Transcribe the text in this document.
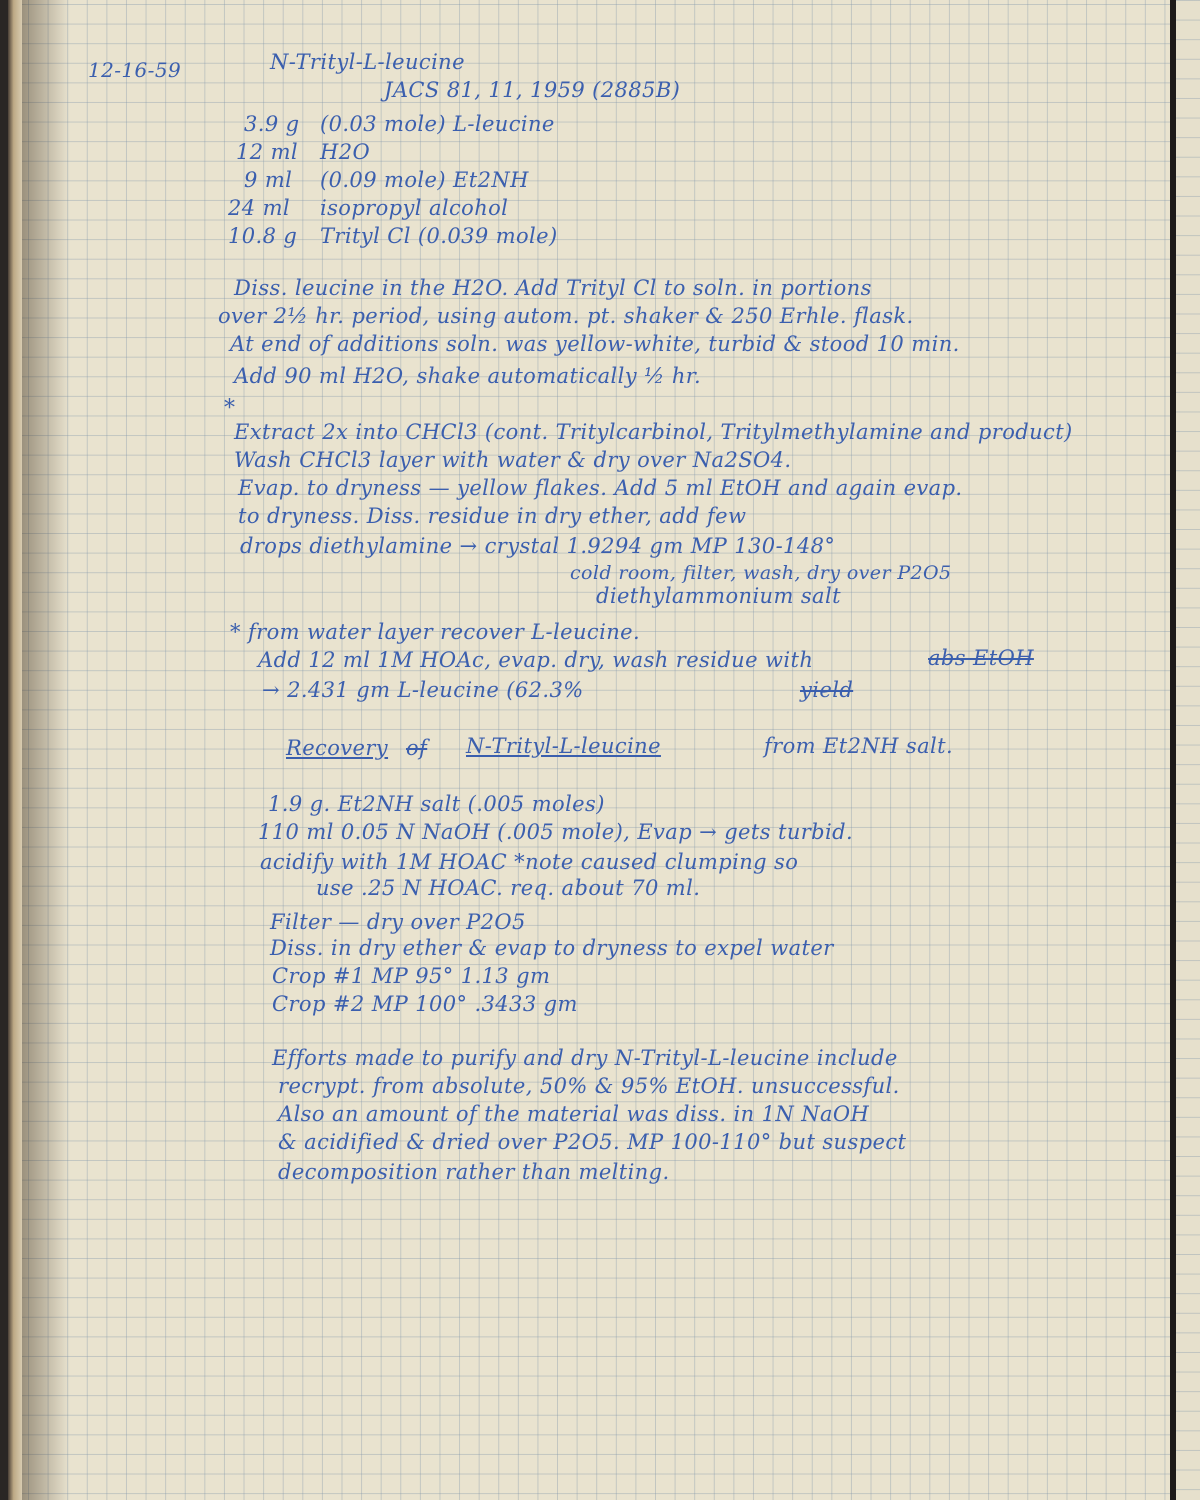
12-16-59	N-Trityl-L-leucine
JACS 81, 11, 1959 (2885B)
3.9 g (0.03 mole) L-leucine
12 ml H2O
9 ml (0.09 mole) Et2NH
24 ml isopropyl alcohol
10.8 g Trityl Cl (0.039 mole)
Diss. leucine in the H2O. Add Trityl Cl to soln. in portions
over 2½ hr. period, using autom. pt. shaker & 250 Erhle. flask.
At end of additions soln. was yellow-white, turbid & stood 10 min.
Add 90 ml H2O, shake automatically ½ hr.
*
Extract 2x into CHCl3 (cont. Tritylcarbinol, Tritylmethylamine and product)
Wash CHCl3 layer with water & dry over Na2SO4.
Evap. to dryness — yellow flakes. Add 5 ml EtOH and again evap.
to dryness. Diss. residue in dry ether, add few
drops diethylamine → crystal 1.9294 gm MP 130-148°
cold room, filter, wash, dry over P2O5
diethylammonium salt
* from water layer recover L-leucine.
Add 12 ml 1M HOAc, evap. dry, wash residue with	abs EtOH
→ 2.431 gm L-leucine (62.3%	yield
Recovery of N-Trityl-L-leucine	from Et2NH salt.
1.9 g. Et2NH salt (.005 moles)
110 ml 0.05 N NaOH (.005 mole), Evap → gets turbid.
acidify with 1M HOAC *note caused clumping so
use .25 N HOAC. req. about 70 ml.
Filter — dry over P2O5
Diss. in dry ether & evap to dryness to expel water
Crop #1 MP 95° 1.13 gm
Crop #2 MP 100° .3433 gm
Efforts made to purify and dry N-Trityl-L-leucine include
recrypt. from absolute, 50% & 95% EtOH. unsuccessful.
Also an amount of the material was diss. in 1N NaOH
& acidified & dried over P2O5. MP 100-110° but suspect
decomposition rather than melting.
